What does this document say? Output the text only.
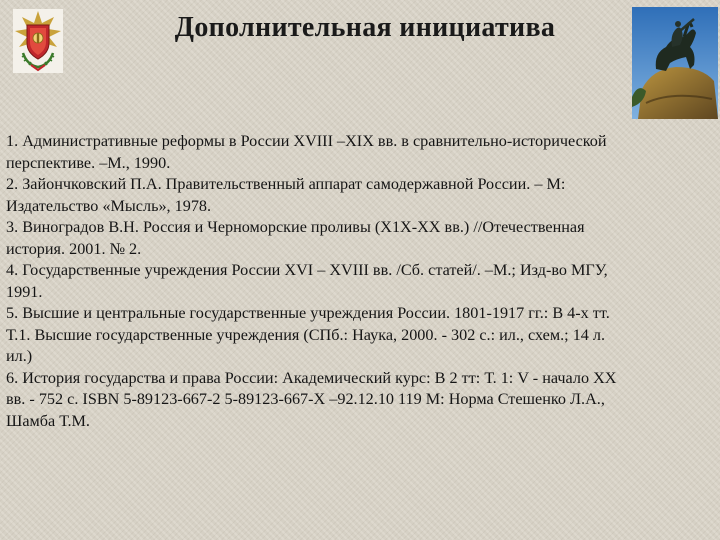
Дополнительная инициатива
1. Административные реформы в России XVIII –XIX вв. в сравнительно-исторической
перспективе. –М., 1990.
2. Зайончковский П.А. Правительственный аппарат самодержавной России. – М:
Издательство «Мысль», 1978.
3. Виноградов В.Н. Россия и Черноморские проливы (Х1Х-ХХ вв.) //Отечественная
история. 2001. № 2.
4. Государственные учреждения России XVI – XVIII вв. /Сб. статей/. –М.; Изд-во МГУ,
1991.
5. Высшие и центральные государственные учреждения России. 1801-1917 гг.: В 4-х тт.
Т.1. Высшие государственные учреждения (СПб.: Наука, 2000. - 302 с.: ил., схем.; 14 л.
ил.)
6. История государства и права России: Академический курс: В 2 тт: Т. 1: V - начало XX
вв. - 752 с. ISBN 5-89123-667-2 5-89123-667-Х –92.12.10 119 М: Норма Стешенко Л.А.,
Шамба Т.М.
